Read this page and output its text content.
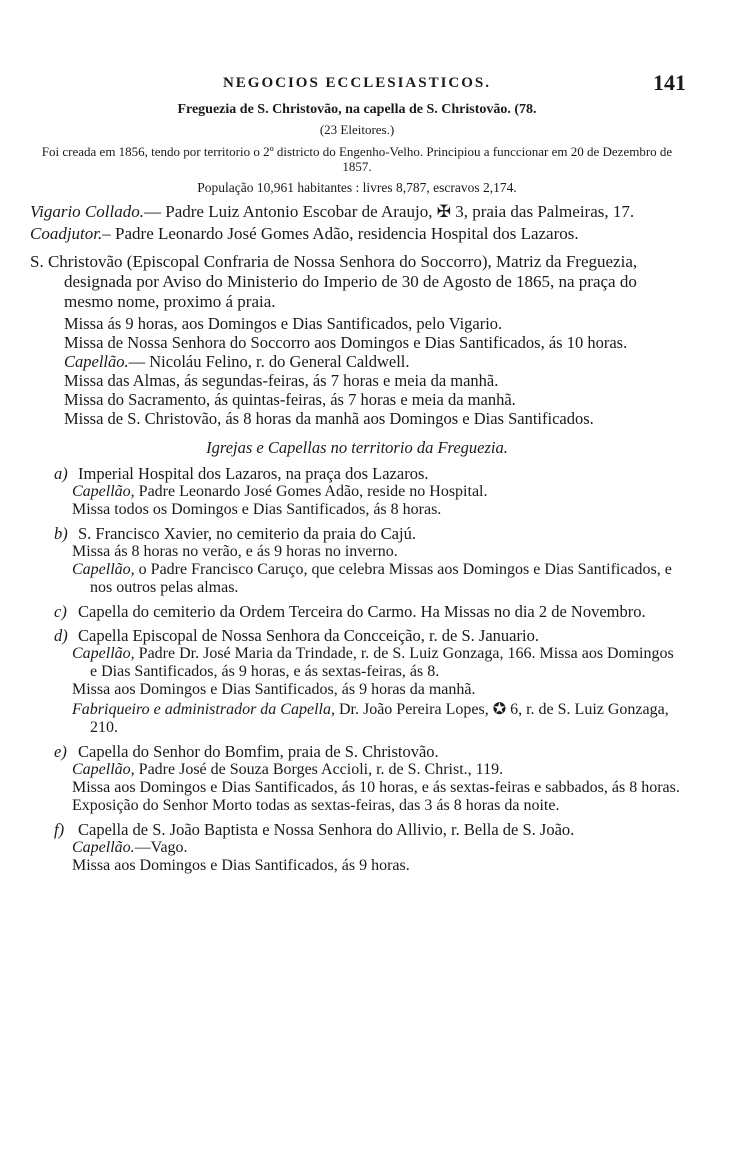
NEGOCIOS ECCLESIASTICOS.	141
Freguezia de S. Christovão, na capella de S. Christovão. (78.
(23 Eleitores.)
Foi creada em 1856, tendo por territorio o 2º districto do Engenho-Velho. Principiou a funccionar em 20 de Dezembro de 1857.
População 10,961 habitantes : livres 8,787, escravos 2,174.
Vigario Collado.— Padre Luiz Antonio Escobar de Araujo, ✠ 3, praia das Palmeiras, 17.
Coadjutor.– Padre Leonardo José Gomes Adão, residencia Hospital dos Lazaros.
S. Christovão (Episcopal Confraria de Nossa Senhora do Soccorro), Matriz da Freguezia, designada por Aviso do Ministerio do Imperio de 30 de Agosto de 1865, na praça do mesmo nome, proximo á praia.
Missa ás 9 horas, aos Domingos e Dias Santificados, pelo Vigario.
Missa de Nossa Senhora do Soccorro aos Domingos e Dias Santificados, ás 10 horas.
Capellão.— Nicoláu Felino, r. do General Caldwell.
Missa das Almas, ás segundas-feiras, ás 7 horas e meia da manhã.
Missa do Sacramento, ás quintas-feiras, ás 7 horas e meia da manhã.
Missa de S. Christovão, ás 8 horas da manhã aos Domingos e Dias Santificados.
Igrejas e Capellas no territorio da Freguezia.
a) Imperial Hospital dos Lazaros, na praça dos Lazaros.
Capellão, Padre Leonardo José Gomes Adão, reside no Hospital.
Missa todos os Domingos e Dias Santificados, ás 8 horas.
b) S. Francisco Xavier, no cemiterio da praia do Cajú.
Missa ás 8 horas no verão, e ás 9 horas no inverno.
Capellão, o Padre Francisco Caruço, que celebra Missas aos Domingos e Dias Santificados, e nos outros pelas almas.
c) Capella do cemiterio da Ordem Terceira do Carmo. Ha Missas no dia 2 de Novembro.
d) Capella Episcopal de Nossa Senhora da Concceição, r. de S. Januario.
Capellão, Padre Dr. José Maria da Trindade, r. de S. Luiz Gonzaga, 166. Missa aos Domingos e Dias Santificados, ás 9 horas, e ás sextas-feiras, ás 8.
Missa aos Domingos e Dias Santificados, ás 9 horas da manhã.
Fabriqueiro e administrador da Capella, Dr. João Pereira Lopes, ✪ 6, r. de S. Luiz Gonzaga, 210.
e) Capella do Senhor do Bomfim, praia de S. Christovão.
Capellão, Padre José de Souza Borges Accioli, r. de S. Christ., 119.
Missa aos Domingos e Dias Santificados, ás 10 horas, e ás sextas-feiras e sabbados, ás 8 horas.
Exposição do Senhor Morto todas as sextas-feiras, das 3 ás 8 horas da noite.
f) Capella de S. João Baptista e Nossa Senhora do Allivio, r. Bella de S. João.
Capellão.—Vago.
Missa aos Domingos e Dias Santificados, ás 9 horas.
